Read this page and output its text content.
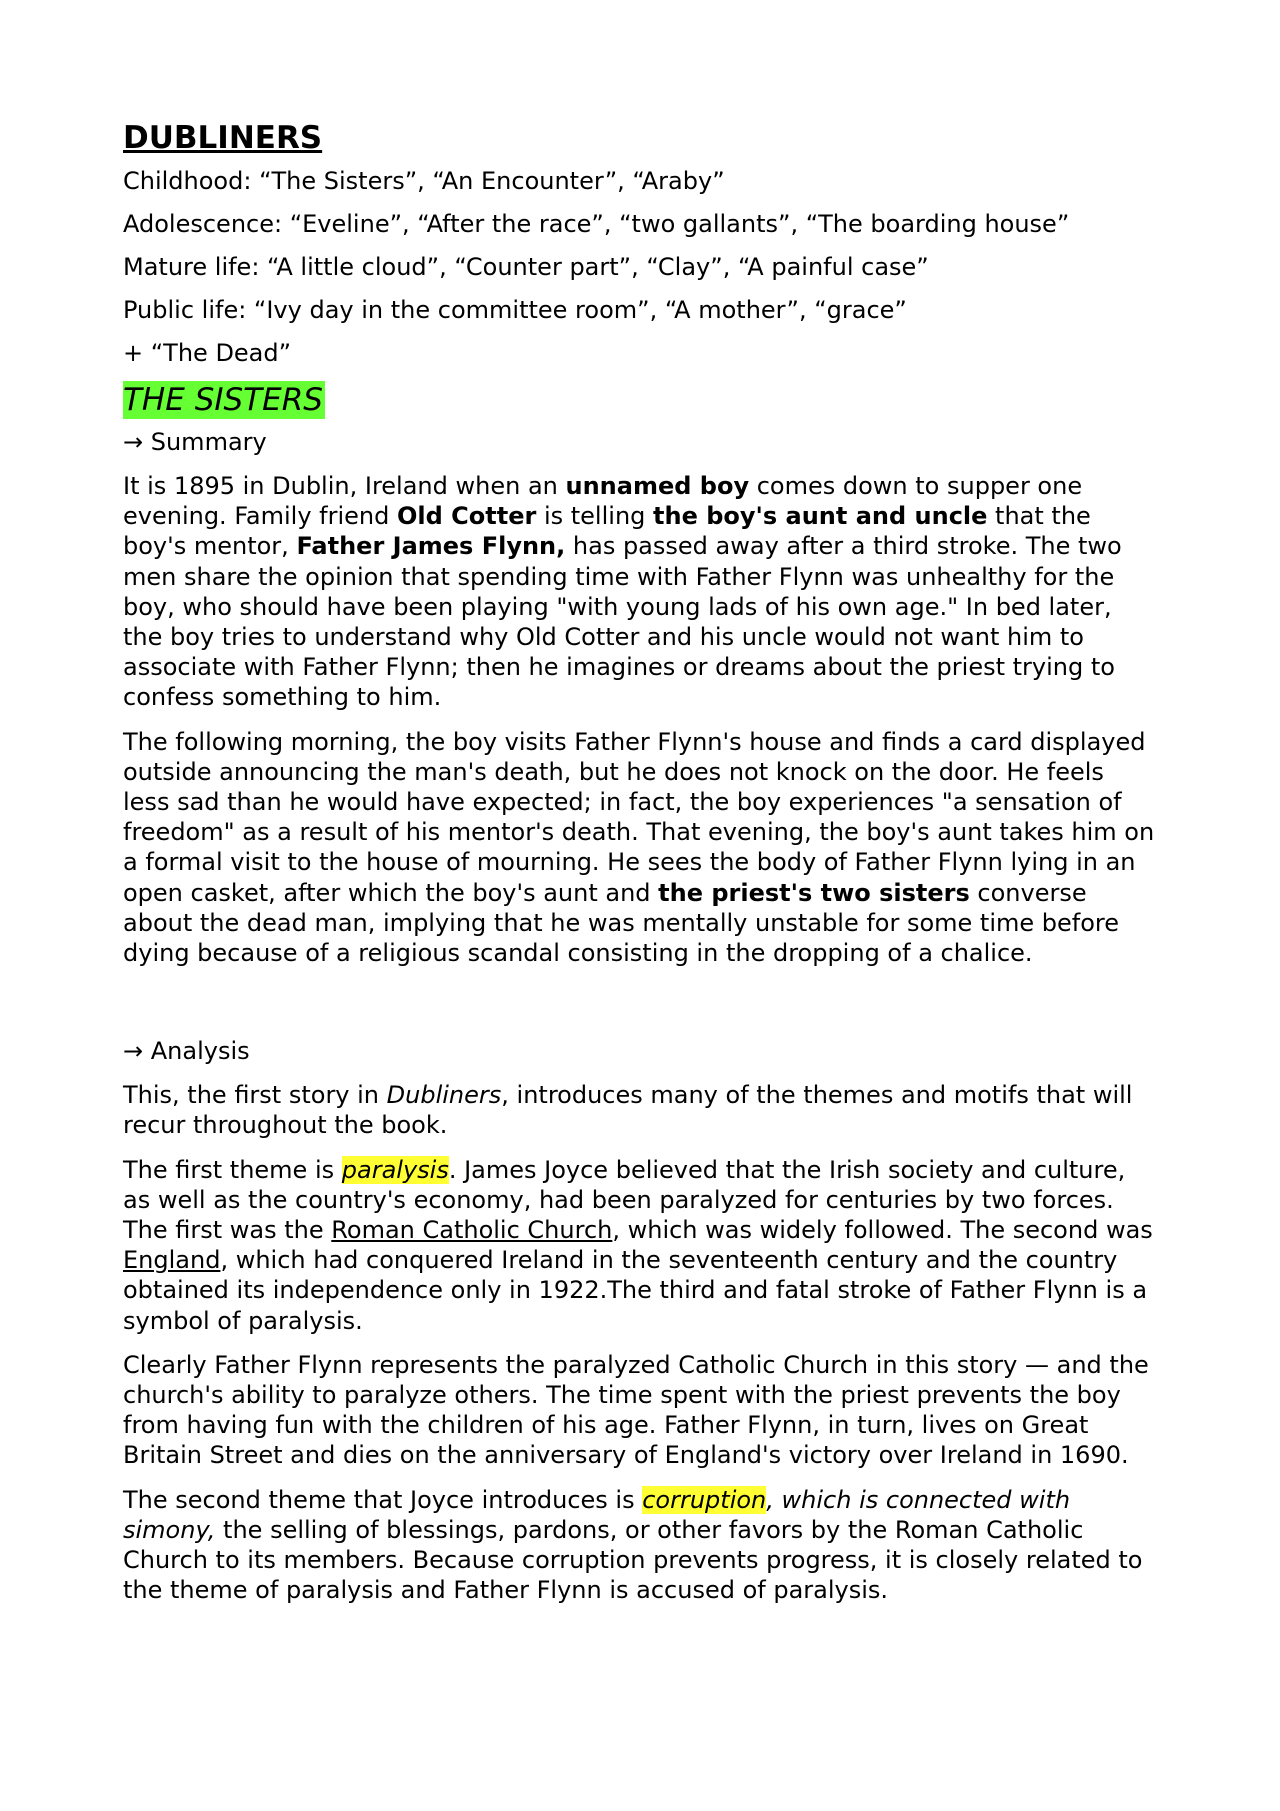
DUBLINERS
Childhood: “The Sisters”, “An Encounter”, “Araby”
Adolescence: “Eveline”, “After the race”, “two gallants”, “The boarding house”
Mature life: “A little cloud”, “Counter part”, “Clay”, “A painful case”
Public life: “Ivy day in the committee room”, “A mother”, “grace”
+ “The Dead”
THE SISTERS
→ Summary

It is 1895 in Dublin, Ireland when an unnamed boy comes down to supper one evening. Family friend Old Cotter is telling the boy's aunt and uncle that the boy's mentor, Father James Flynn, has passed away after a third stroke. The two men share the opinion that spending time with Father Flynn was unhealthy for the boy, who should have been playing "with young lads of his own age." In bed later, the boy tries to understand why Old Cotter and his uncle would not want him to associate with Father Flynn; then he imagines or dreams about the priest trying to confess something to him.

The following morning, the boy visits Father Flynn's house and finds a card displayed outside announcing the man's death, but he does not knock on the door. He feels less sad than he would have expected; in fact, the boy experiences "a sensation of freedom" as a result of his mentor's death. That evening, the boy's aunt takes him on a formal visit to the house of mourning. He sees the body of Father Flynn lying in an open casket, after which the boy's aunt and the priest's two sisters converse about the dead man, implying that he was mentally unstable for some time before dying because of a religious scandal consisting in the dropping of a chalice.

→ Analysis

This, the first story in Dubliners, introduces many of the themes and motifs that will recur throughout the book.

The first theme is paralysis. James Joyce believed that the Irish society and culture, as well as the country's economy, had been paralyzed for centuries by two forces. The first was the Roman Catholic Church, which was widely followed. The second was England, which had conquered Ireland in the seventeenth century and the country obtained its independence only in 1922.The third and fatal stroke of Father Flynn is a symbol of paralysis.

Clearly Father Flynn represents the paralyzed Catholic Church in this story — and the church's ability to paralyze others. The time spent with the priest prevents the boy from having fun with the children of his age. Father Flynn, in turn, lives on Great Britain Street and dies on the anniversary of England's victory over Ireland in 1690.

The second theme that Joyce introduces is corruption, which is connected with simony, the selling of blessings, pardons, or other favors by the Roman Catholic Church to its members. Because corruption prevents progress, it is closely related to the theme of paralysis and Father Flynn is accused of paralysis.
